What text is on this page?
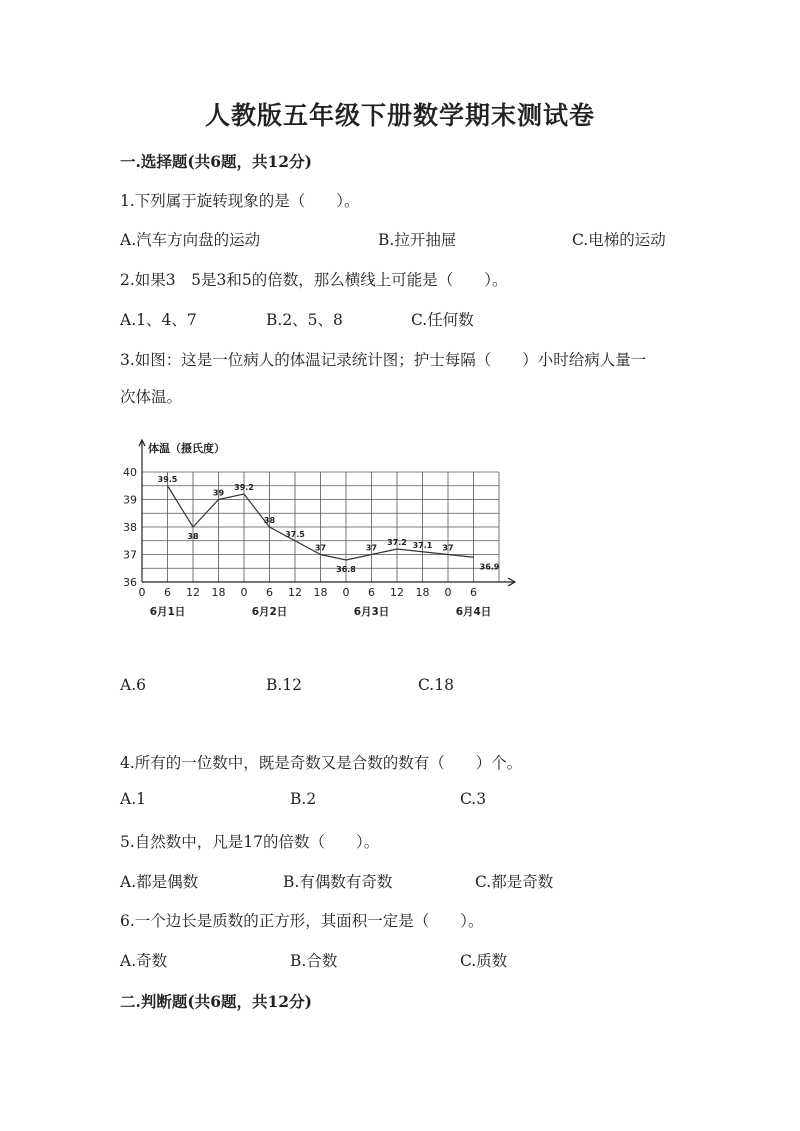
人教版五年级下册数学期末测试卷
一.选择题(共6题，共12分)
1.下列属于旋转现象的是（　　）。
A.汽车方向盘的运动	B.拉开抽屉	C.电梯的运动
2.如果3　5是3和5的倍数，那么横线上可能是（　　）。
A.1、4、7	B.2、5、8	C.任何数
3.如图：这是一位病人的体温记录统计图；护士每隔（　　）小时给病人量一
次体温。
体温（摄氏度）
36
37
38
39
40
0 6 12 18 0 6 12 18 0 6 12 18 0 6
6月1日	6月2日	6月3日	6月4日
39.5
38
39
39.2
38
37.5
37
36.8
37
37.2 37.1 37
36.9
A.6	B.12	C.18
4.所有的一位数中，既是奇数又是合数的数有（　　）个。
A.1	B.2	C.3
5.自然数中，凡是17的倍数（　　）。
A.都是偶数	B.有偶数有奇数	C.都是奇数
6.一个边长是质数的正方形，其面积一定是（　　）。
A.奇数	B.合数	C.质数
二.判断题(共6题，共12分)
